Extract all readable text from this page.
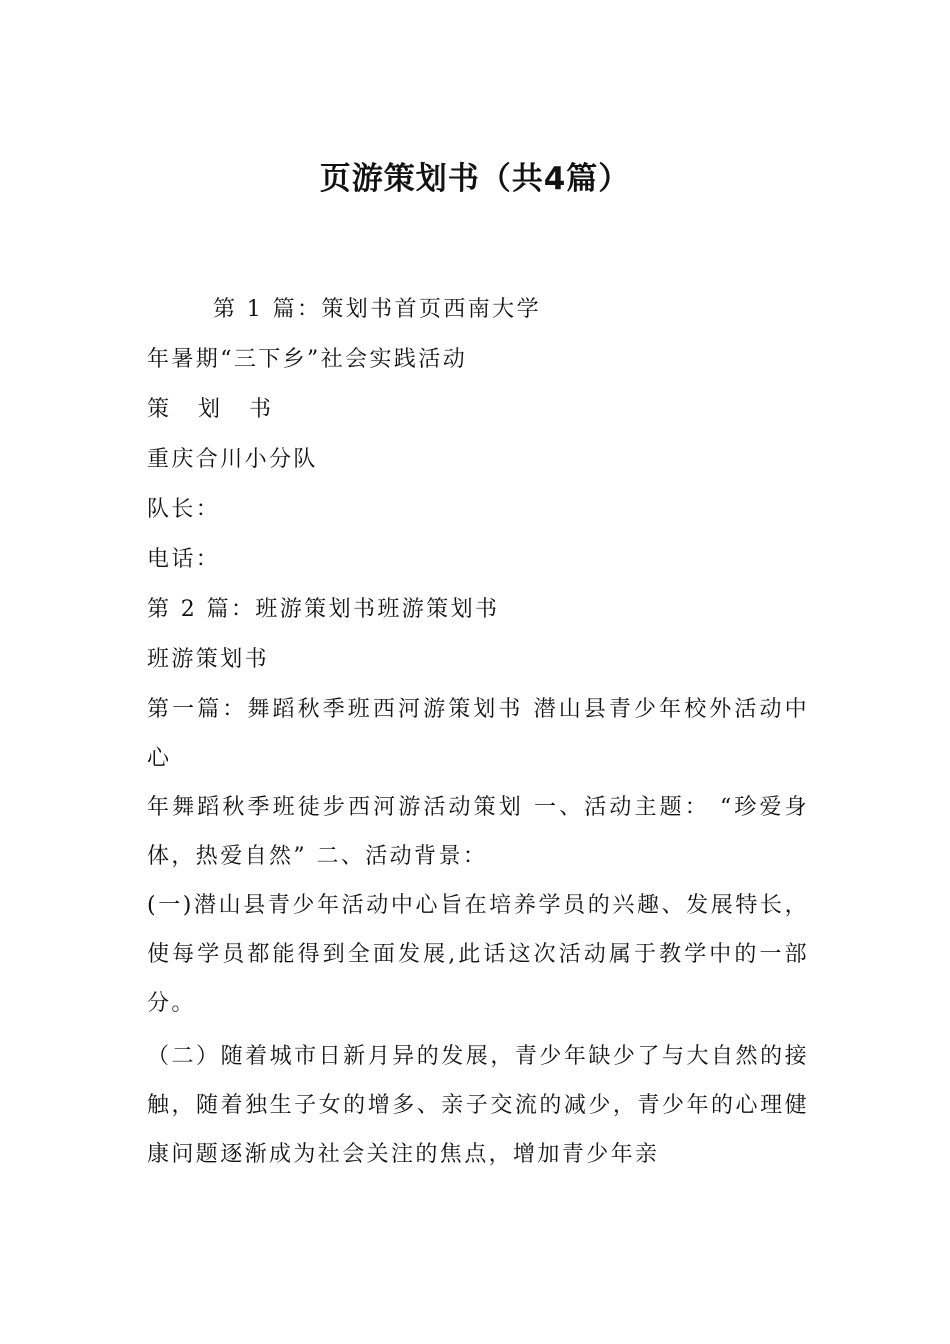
页游策划书（共4篇）
第 1 篇：策划书首页西南大学
年暑期“三下乡”社会实践活动
策 划 书
重庆合川小分队
队长：
电话：
第 2 篇：班游策划书班游策划书
班游策划书
第一篇：舞蹈秋季班西河游策划书 潜山县青少年校外活动中心
年舞蹈秋季班徒步西河游活动策划 一、活动主题： “珍爱身体，热爱自然” 二、活动背景：
(一)潜山县青少年活动中心旨在培养学员的兴趣、发展特长，使每学员都能得到全面发展,此话这次活动属于教学中的一部分。
（二）随着城市日新月异的发展，青少年缺少了与大自然的接触，随着独生子女的增多、亲子交流的减少，青少年的心理健康问题逐渐成为社会关注的焦点，增加青少年亲
